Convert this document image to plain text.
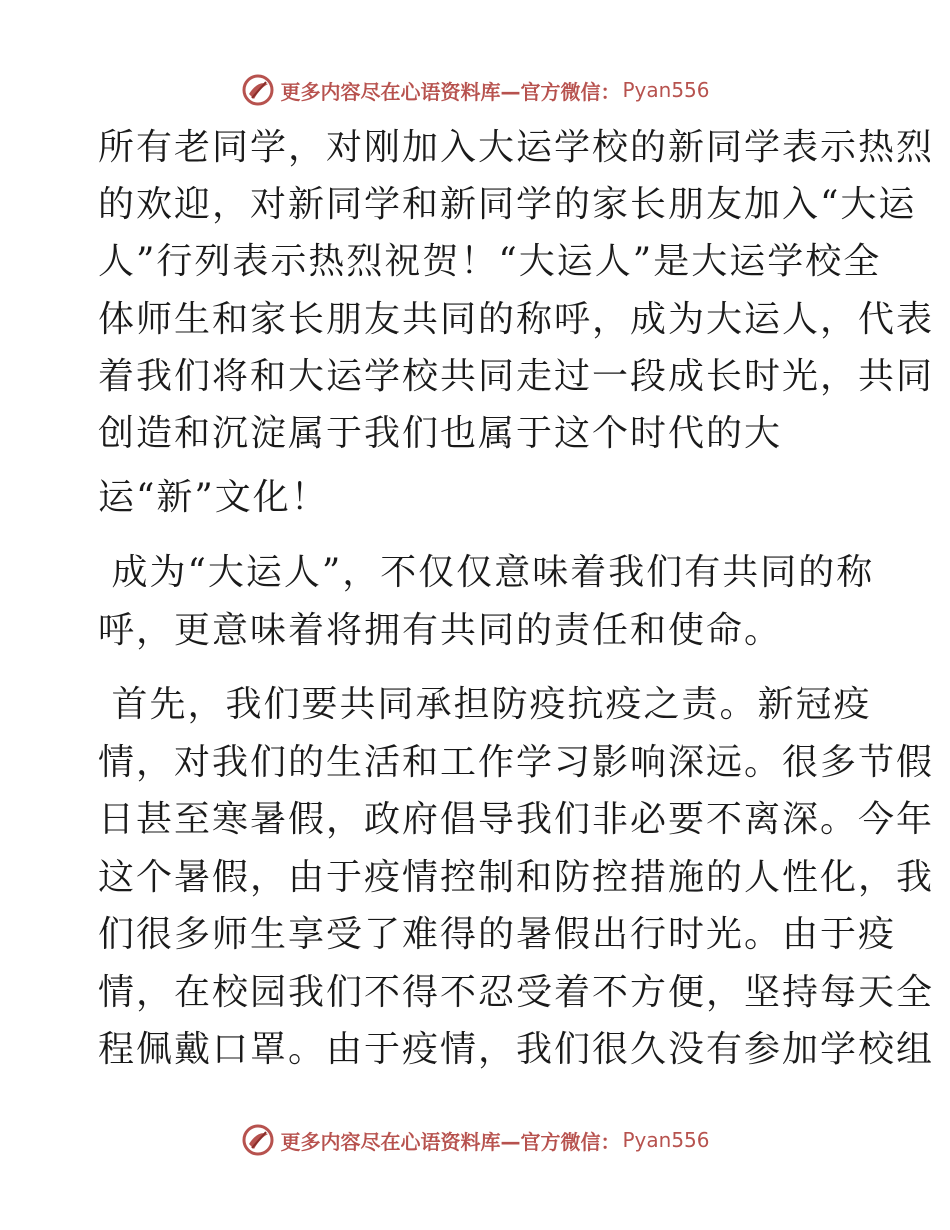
更多内容尽在心语资料库—官方微信： Pyan556
所有老同学，对刚加入大运学校的新同学表示热烈
的欢迎，对新同学和新同学的家长朋友加入“大运
人”行列表示热烈祝贺！“大运人”是大运学校全
体师生和家长朋友共同的称呼，成为大运人，代表
着我们将和大运学校共同走过一段成长时光，共同
创造和沉淀属于我们也属于这个时代的大
运“新”文化！
成为“大运人”，不仅仅意味着我们有共同的称
呼，更意味着将拥有共同的责任和使命。
首先，我们要共同承担防疫抗疫之责。新冠疫
情，对我们的生活和工作学习影响深远。很多节假
日甚至寒暑假，政府倡导我们非必要不离深。今年
这个暑假，由于疫情控制和防控措施的人性化，我
们很多师生享受了难得的暑假出行时光。由于疫
情，在校园我们不得不忍受着不方便，坚持每天全
程佩戴口罩。由于疫情，我们很久没有参加学校组
更多内容尽在心语资料库—官方微信： Pyan556
